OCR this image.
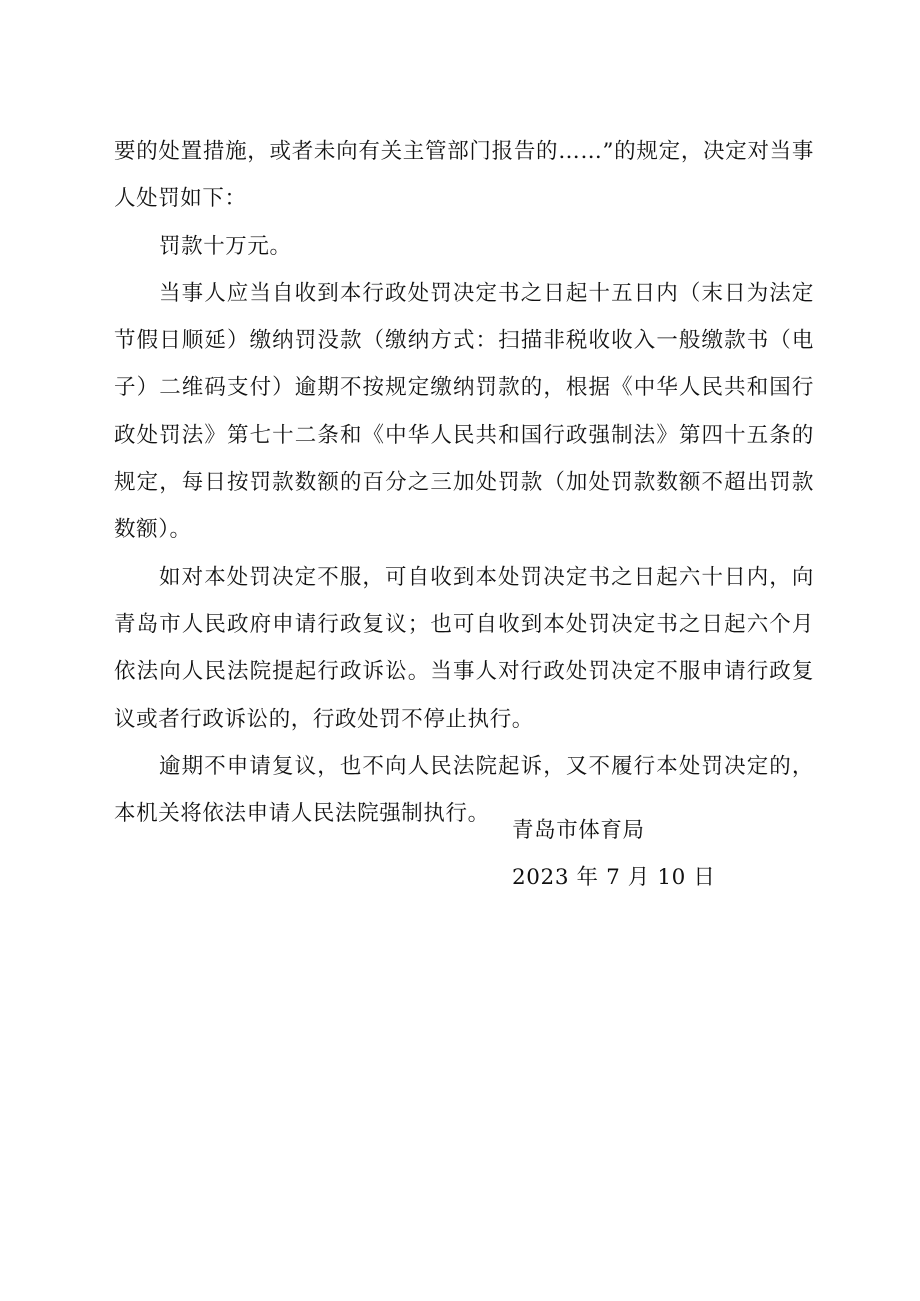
要的处置措施，或者未向有关主管部门报告的……”的规定，决定对当事人处罚如下：

罚款十万元。

当事人应当自收到本行政处罚决定书之日起十五日内（末日为法定节假日顺延）缴纳罚没款（缴纳方式：扫描非税收收入一般缴款书（电子）二维码支付）逾期不按规定缴纳罚款的，根据《中华人民共和国行政处罚法》第七十二条和《中华人民共和国行政强制法》第四十五条的规定，每日按罚款数额的百分之三加处罚款（加处罚款数额不超出罚款数额）。

如对本处罚决定不服，可自收到本处罚决定书之日起六十日内，向青岛市人民政府申请行政复议；也可自收到本处罚决定书之日起六个月依法向人民法院提起行政诉讼。当事人对行政处罚决定不服申请行政复议或者行政诉讼的，行政处罚不停止执行。

逾期不申请复议，也不向人民法院起诉，又不履行本处罚决定的，本机关将依法申请人民法院强制执行。

青岛市体育局

2023 年 7 月 10 日
